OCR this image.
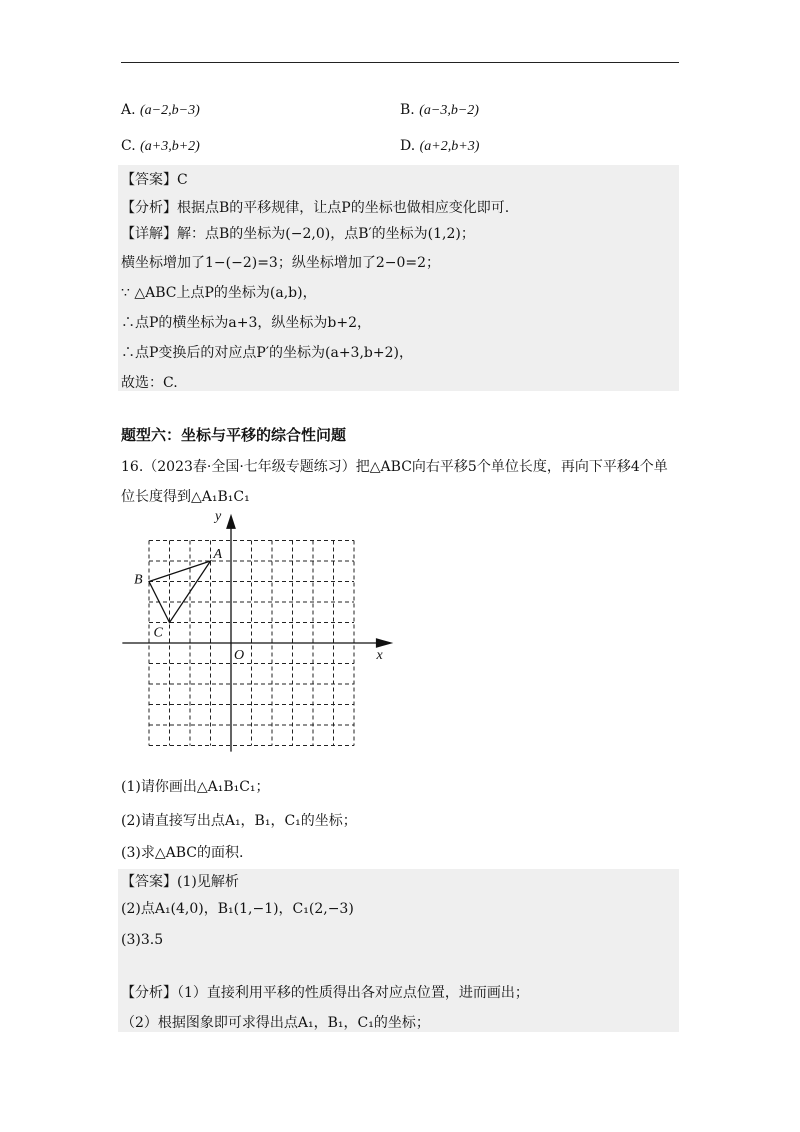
A. (a−2,b−3)	B. (a−3,b−2)
C. (a+3,b+2)	D. (a+2,b+3)
【答案】C
【分析】根据点B的平移规律，让点P的坐标也做相应变化即可.
【详解】解：点B的坐标为(−2,0)，点B′的坐标为(1,2)；
横坐标增加了1−(−2)=3；纵坐标增加了2−0=2；
∵ △ABC上点P的坐标为(a,b)，
∴点P的横坐标为a+3，纵坐标为b+2，
∴点P变换后的对应点P′的坐标为(a+3,b+2)，
故选：C.
题型六：坐标与平移的综合性问题
16.（2023春·全国·七年级专题练习）把△ABC向右平移5个单位长度，再向下平移4个单
位长度得到△A₁B₁C₁
y
x
O
A
B
C
(1)请你画出△A₁B₁C₁；
(2)请直接写出点A₁，B₁，C₁的坐标；
(3)求△ABC的面积.
【答案】(1)见解析
(2)点A₁(4,0)，B₁(1,−1)，C₁(2,−3)
(3)3.5
【分析】（1）直接利用平移的性质得出各对应点位置，进而画出；
（2）根据图象即可求得出点A₁，B₁，C₁的坐标；
